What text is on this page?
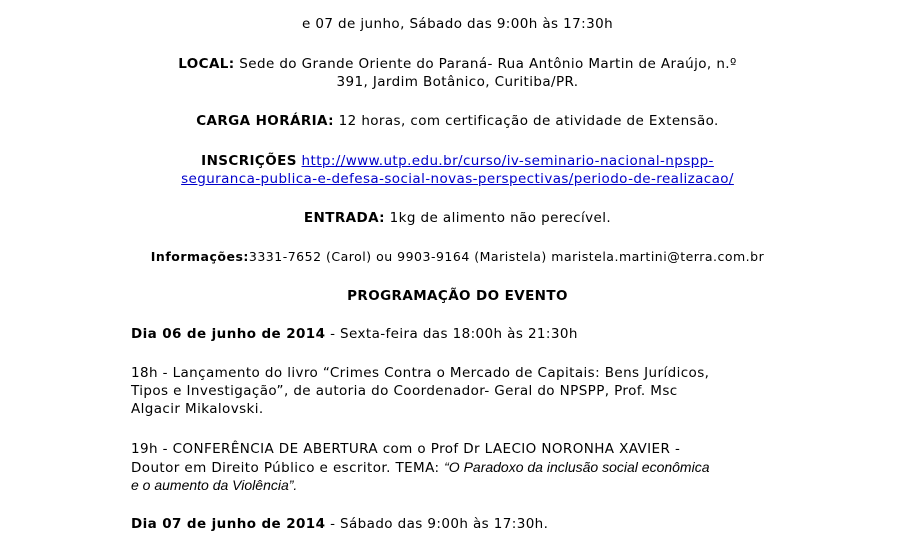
e 07 de junho, Sábado das 9:00h às 17:30h
LOCAL: Sede do Grande Oriente do Paraná- Rua Antônio Martin de Araújo, n.º
391, Jardim Botânico, Curitiba/PR.
CARGA HORÁRIA: 12 horas, com certificação de atividade de Extensão.
INSCRIÇÕES http://www.utp.edu.br/curso/iv-seminario-nacional-npspp-
seguranca-publica-e-defesa-social-novas-perspectivas/periodo-de-realizacao/
ENTRADA: 1kg de alimento não perecível.
Informações:3331-7652 (Carol) ou 9903-9164 (Maristela) maristela.martini@terra.com.br
PROGRAMAÇÃO DO EVENTO
Dia 06 de junho de 2014 - Sexta-feira das 18:00h às 21:30h
18h - Lançamento do livro “Crimes Contra o Mercado de Capitais: Bens Jurídicos,
Tipos e Investigação”, de autoria do Coordenador- Geral do NPSPP, Prof. Msc
Algacir Mikalovski.
19h - CONFERÊNCIA DE ABERTURA com o Prof Dr LAECIO NORONHA XAVIER -
Doutor em Direito Público e escritor. TEMA: “O Paradoxo da inclusão social econômica
e o aumento da Violência”.
Dia 07 de junho de 2014 - Sábado das 9:00h às 17:30h.
